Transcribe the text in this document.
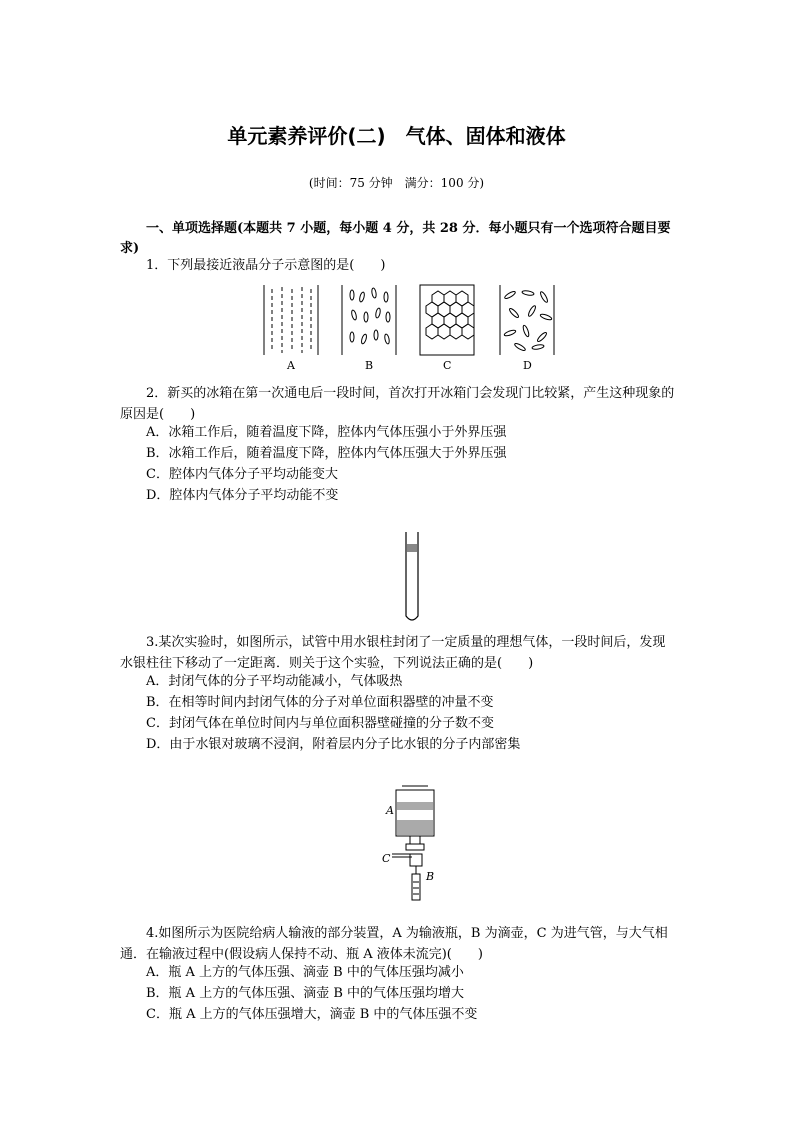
单元素养评价(二)　气体、固体和液体
(时间：75 分钟　满分：100 分)
一、单项选择题(本题共 7 小题，每小题 4 分，共 28 分．每小题只有一个选项符合题目要求)
1．下列最接近液晶分子示意图的是(　　)
A	B	C	D
2．新买的冰箱在第一次通电后一段时间，首次打开冰箱门会发现门比较紧，产生这种现象的原因是(　　)
A．冰箱工作后，随着温度下降，腔体内气体压强小于外界压强
B．冰箱工作后，随着温度下降，腔体内气体压强大于外界压强
C．腔体内气体分子平均动能变大
D．腔体内气体分子平均动能不变
3.某次实验时，如图所示，试管中用水银柱封闭了一定质量的理想气体，一段时间后，发现水银柱往下移动了一定距离．则关于这个实验，下列说法正确的是(　　)
A．封闭气体的分子平均动能减小，气体吸热
B．在相等时间内封闭气体的分子对单位面积器壁的冲量不变
C．封闭气体在单位时间内与单位面积器壁碰撞的分子数不变
D．由于水银对玻璃不浸润，附着层内分子比水银的分子内部密集
A
B
C
4.如图所示为医院给病人输液的部分装置，A 为输液瓶，B 为滴壶，C 为进气管，与大气相通．在输液过程中(假设病人保持不动、瓶 A 液体未流完)(　　)
A．瓶 A 上方的气体压强、滴壶 B 中的气体压强均减小
B．瓶 A 上方的气体压强、滴壶 B 中的气体压强均增大
C．瓶 A 上方的气体压强增大，滴壶 B 中的气体压强不变
